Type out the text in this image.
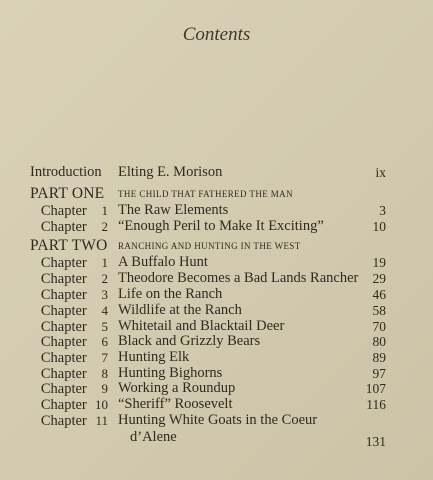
Contents
Introduction Elting E. Morison	ix
PART ONE THE CHILD THAT FATHERED THE MAN
Chapter 1 The Raw Elements	3
Chapter 2 “Enough Peril to Make It Exciting”	10
PART TWO RANCHING AND HUNTING IN THE WEST
Chapter 1 A Buffalo Hunt	19
Chapter 2 Theodore Becomes a Bad Lands Rancher 29
Chapter 3 Life on the Ranch	46
Chapter 4 Wildlife at the Ranch	58
Chapter 5 Whitetail and Blacktail Deer	70
Chapter 6 Black and Grizzly Bears	80
Chapter 7 Hunting Elk	89
Chapter 8 Hunting Bighorns	97
Chapter 9 Working a Roundup	107
Chapter 10 “Sheriff” Roosevelt	116
Chapter 11 Hunting White Goats in the Coeur
d’Alene	131
